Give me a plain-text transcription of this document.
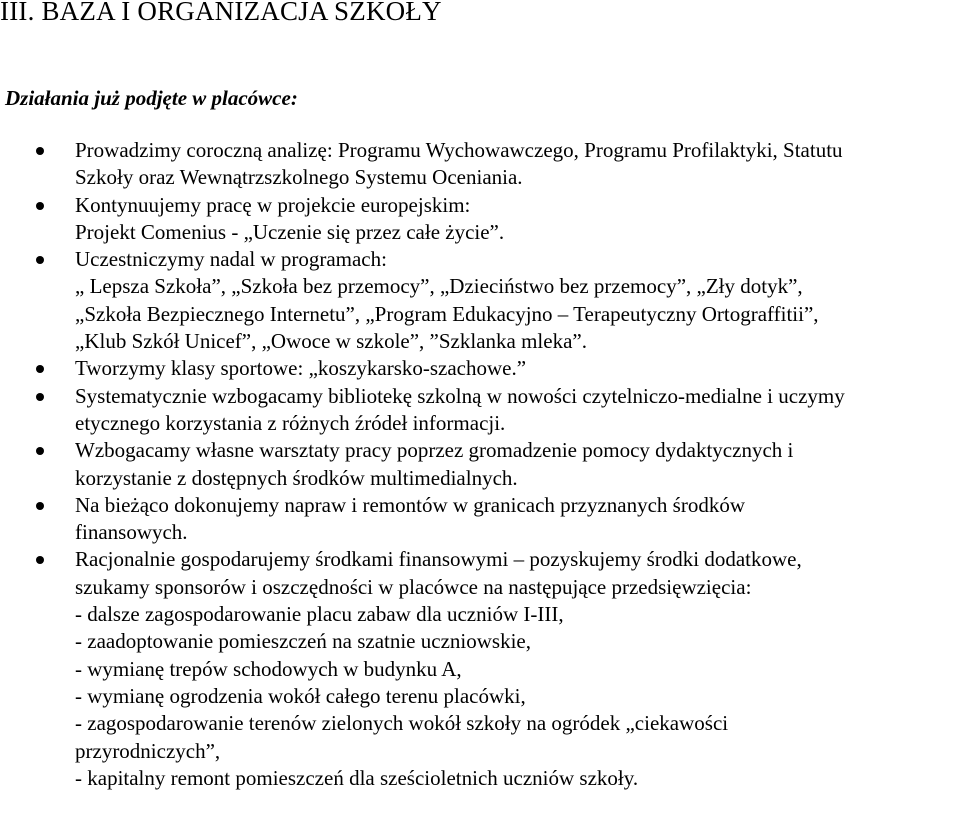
III. BAZA I ORGANIZACJA SZKOŁY
Działania już podjęte w placówce:
Prowadzimy coroczną analizę: Programu Wychowawczego, Programu Profilaktyki, Statutu
Szkoły oraz Wewnątrzszkolnego Systemu Oceniania.
Kontynuujemy pracę w projekcie europejskim:
Projekt Comenius - „Uczenie się przez całe życie”.
Uczestniczymy nadal w programach:
„ Lepsza Szkoła”, „Szkoła bez przemocy”, „Dzieciństwo bez przemocy”, „Zły dotyk”,
„Szkoła Bezpiecznego Internetu”, „Program Edukacyjno – Terapeutyczny Ortograffitii”,
„Klub Szkół Unicef”, „Owoce w szkole”, ”Szklanka mleka”.
Tworzymy klasy sportowe: „koszykarsko-szachowe.”
Systematycznie wzbogacamy bibliotekę szkolną w nowości czytelniczo-medialne i uczymy
etycznego korzystania z różnych źródeł informacji.
Wzbogacamy własne warsztaty pracy poprzez gromadzenie pomocy dydaktycznych i
korzystanie z dostępnych środków multimedialnych.
Na bieżąco dokonujemy napraw i remontów w granicach przyznanych środków
finansowych.
Racjonalnie gospodarujemy środkami finansowymi – pozyskujemy środki dodatkowe,
szukamy sponsorów i oszczędności w placówce na następujące przedsięwzięcia:
- dalsze zagospodarowanie placu zabaw dla uczniów I-III,
- zaadoptowanie pomieszczeń na szatnie uczniowskie,
- wymianę trepów schodowych w budynku A,
- wymianę ogrodzenia wokół całego terenu placówki,
- zagospodarowanie terenów zielonych wokół szkoły na ogródek „ciekawości
przyrodniczych”,
- kapitalny remont pomieszczeń dla sześcioletnich uczniów szkoły.
